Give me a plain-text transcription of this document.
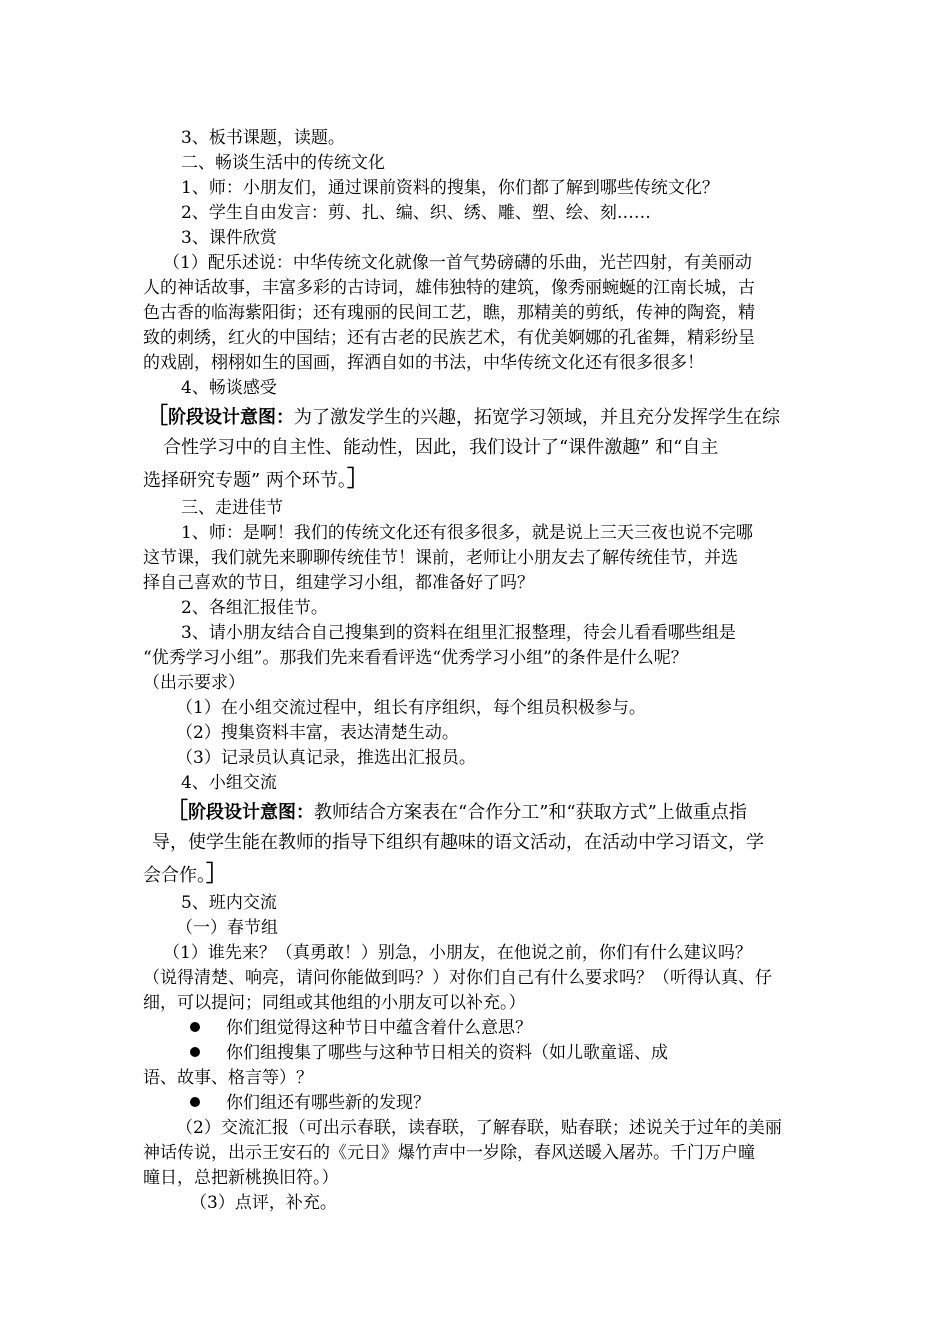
3、板书课题，读题。
二、畅谈生活中的传统文化
1、师：小朋友们，通过课前资料的搜集，你们都了解到哪些传统文化？
2、学生自由发言：剪、扎、编、织、绣、雕、塑、绘、刻……
3、课件欣赏
（1）配乐述说：中华传统文化就像一首气势磅礴的乐曲，光芒四射，有美丽动
人的神话故事，丰富多彩的古诗词，雄伟独特的建筑，像秀丽蜿蜒的江南长城，古
色古香的临海紫阳街；还有瑰丽的民间工艺，瞧，那精美的剪纸，传神的陶瓷，精
致的刺绣，红火的中国结；还有古老的民族艺术，有优美婀娜的孔雀舞，精彩纷呈
的戏剧，栩栩如生的国画，挥洒自如的书法，中华传统文化还有很多很多！
4、畅谈感受
［阶段设计意图：为了激发学生的兴趣，拓宽学习领域，并且充分发挥学生在综
合性学习中的自主性、能动性，因此，我们设计了“课件激趣” 和“自主
选择研究专题” 两个环节。］
三、走进佳节
1、师：是啊！我们的传统文化还有很多很多，就是说上三天三夜也说不完哪
这节课，我们就先来聊聊传统佳节！课前，老师让小朋友去了解传统佳节，并选
择自己喜欢的节日，组建学习小组，都准备好了吗？
2、各组汇报佳节。
3、请小朋友结合自己搜集到的资料在组里汇报整理，待会儿看看哪些组是
“优秀学习小组”。那我们先来看看评选“优秀学习小组”的条件是什么呢？
（出示要求）
（1）在小组交流过程中，组长有序组织，每个组员积极参与。
（2）搜集资料丰富，表达清楚生动。
（3）记录员认真记录，推选出汇报员。
4、小组交流
［阶段设计意图：教师结合方案表在“合作分工”和“获取方式”上做重点指
导，使学生能在教师的指导下组织有趣味的语文活动，在活动中学习语文，学
会合作。］
5、班内交流
（一）春节组
（1）谁先来？（真勇敢！）别急，小朋友，在他说之前，你们有什么建议吗？
（说得清楚、响亮，请问你能做到吗？）对你们自己有什么要求吗？（听得认真、仔
细，可以提问；同组或其他组的小朋友可以补充。）
你们组觉得这种节日中蕴含着什么意思？
你们组搜集了哪些与这种节日相关的资料（如儿歌童谣、成
语、故事、格言等）？
你们组还有哪些新的发现？
（2）交流汇报（可出示春联，读春联，了解春联，贴春联；述说关于过年的美丽
神话传说，出示王安石的《元日》爆竹声中一岁除，春风送暖入屠苏。千门万户曈
曈日，总把新桃换旧符。）
（3）点评，补充。
